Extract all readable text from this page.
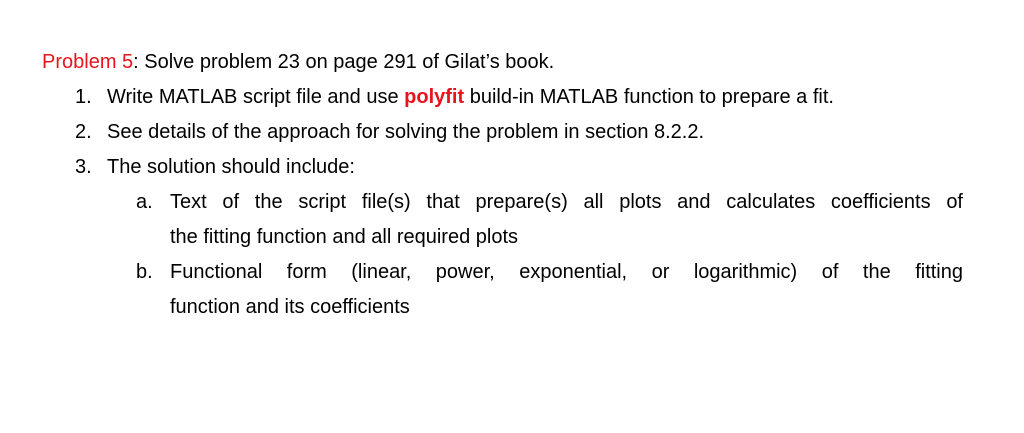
Problem 5: Solve problem 23 on page 291 of Gilat’s book.
1. Write MATLAB script file and use polyfit build-in MATLAB function to prepare a fit.
2. See details of the approach for solving the problem in section 8.2.2.
3. The solution should include:
a. Text of the script file(s) that prepare(s) all plots and calculates coefficients of
the fitting function and all required plots
b. Functional form (linear, power, exponential, or logarithmic) of the fitting
function and its coefficients
